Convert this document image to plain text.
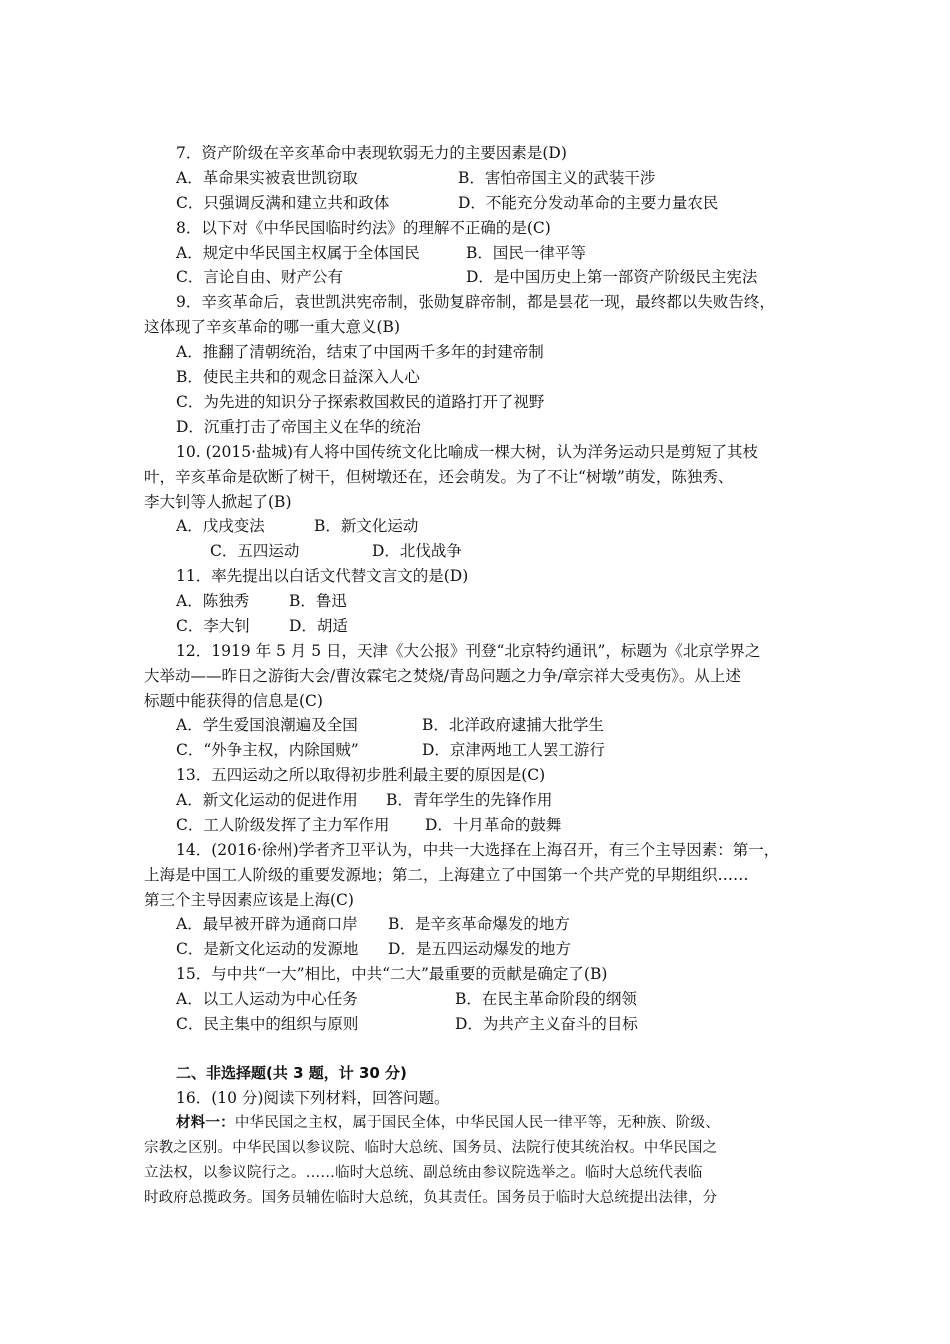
7．资产阶级在辛亥革命中表现软弱无力的主要因素是(D)
A．革命果实被袁世凯窃取	B．害怕帝国主义的武装干涉
C．只强调反满和建立共和政体	D．不能充分发动革命的主要力量农民
8．以下对《中华民国临时约法》的理解不正确的是(C)
A．规定中华民国主权属于全体国民	B．国民一律平等
C．言论自由、财产公有	D．是中国历史上第一部资产阶级民主宪法
9．辛亥革命后，袁世凯洪宪帝制，张勋复辟帝制，都是昙花一现，最终都以失败告终，
这体现了辛亥革命的哪一重大意义(B)
A．推翻了清朝统治，结束了中国两千多年的封建帝制
B．使民主共和的观念日益深入人心
C．为先进的知识分子探索救国救民的道路打开了视野
D．沉重打击了帝国主义在华的统治
10. (2015·盐城)有人将中国传统文化比喻成一棵大树，认为洋务运动只是剪短了其枝
叶，辛亥革命是砍断了树干，但树墩还在，还会萌发。为了不让“树墩”萌发，陈独秀、
李大钊等人掀起了(B)
A．戊戌变法	B．新文化运动
C．五四运动	D．北伐战争
11．率先提出以白话文代替文言文的是(D)
A．陈独秀	B．鲁迅
C．李大钊	D．胡适
12．1919 年 5 月 5 日，天津《大公报》刊登“北京特约通讯”，标题为《北京学界之
大举动——昨日之游街大会/曹汝霖宅之焚烧/青岛问题之力争/章宗祥大受夷伤》。从上述
标题中能获得的信息是(C)
A．学生爱国浪潮遍及全国	B．北洋政府逮捕大批学生
C．“外争主权，内除国贼”	D．京津两地工人罢工游行
13．五四运动之所以取得初步胜利最主要的原因是(C)
A．新文化运动的促进作用 B．青年学生的先锋作用
C．工人阶级发挥了主力军作用 D．十月革命的鼓舞
14．(2016·徐州)学者齐卫平认为，中共一大选择在上海召开，有三个主导因素：第一，
上海是中国工人阶级的重要发源地；第二，上海建立了中国第一个共产党的早期组织……
第三个主导因素应该是上海(C)
A．最早被开辟为通商口岸 B．是辛亥革命爆发的地方
C．是新文化运动的发源地 D．是五四运动爆发的地方
15．与中共“一大”相比，中共“二大”最重要的贡献是确定了(B)
A．以工人运动为中心任务	B．在民主革命阶段的纲领
C．民主集中的组织与原则	D．为共产主义奋斗的目标
二、非选择题(共 3 题，计 30 分)
16．(10 分)阅读下列材料，回答问题。
材料一：中华民国之主权，属于国民全体，中华民国人民一律平等，无种族、阶级、
宗教之区别。中华民国以参议院、临时大总统、国务员、法院行使其统治权。中华民国之
立法权，以参议院行之。……临时大总统、副总统由参议院选举之。临时大总统代表临
时政府总揽政务。国务员辅佐临时大总统，负其责任。国务员于临时大总统提出法律，分
